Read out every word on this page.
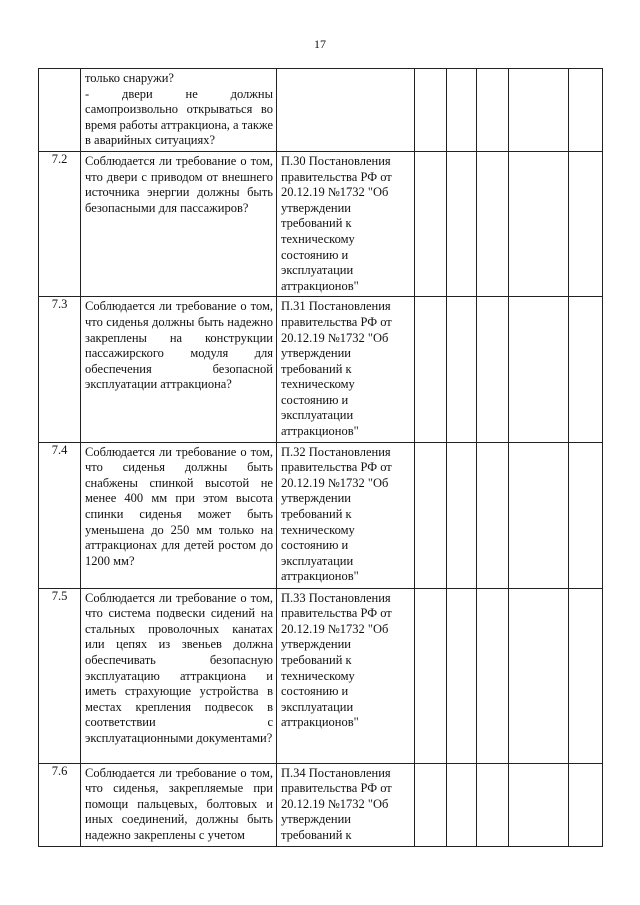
17

	только снаружи?
- двери не должны самопроизвольно открываться во время работы аттракциона, а также в аварийных ситуациях?						

7.2	Соблюдается ли требование о том, что двери с приводом от внешнего источника энергии должны быть безопасными для пассажиров?	П.30 Постановления правительства РФ от 20.12.19 №1732 "Об утверждении требований к техническому состоянию и эксплуатации аттракционов"					
7.3	Соблюдается ли требование о том, что сиденья должны быть надежно закреплены на конструкции пассажирского модуля для обеспечения безопасной эксплуатации аттракциона?	П.31 Постановления правительства РФ от 20.12.19 №1732 "Об утверждении требований к техническому состоянию и эксплуатации аттракционов"					
7.4	Соблюдается ли требование о том, что сиденья должны быть снабжены спинкой высотой не менее 400 мм при этом высота спинки сиденья может быть уменьшена до 250 мм только на аттракционах для детей ростом до 1200 мм?	П.32 Постановления правительства РФ от 20.12.19 №1732 "Об утверждении требований к техническому состоянию и эксплуатации аттракционов"					
7.5	Соблюдается ли требование о том, что система подвески сидений на стальных проволочных канатах или цепях из звеньев должна обеспечивать безопасную эксплуатацию аттракциона и иметь страхующие устройства в местах крепления подвесок в соответствии с эксплуатационными документами?	П.33 Постановления правительства РФ от 20.12.19 №1732 "Об утверждении требований к техническому состоянию и эксплуатации аттракционов"					
7.6	Соблюдается ли требование о том, что сиденья, закрепляемые при помощи пальцевых, болтовых и иных соединений, должны быть надежно закреплены с учетом	П.34 Постановления правительства РФ от 20.12.19 №1732 "Об утверждении требований к					
